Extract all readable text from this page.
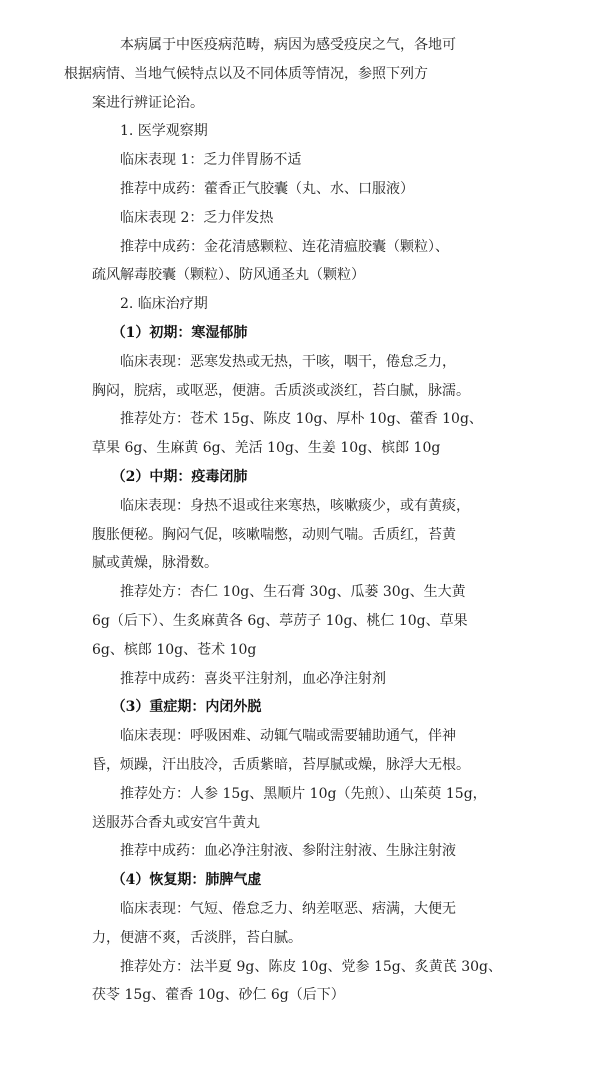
本病属于中医疫病范畴，病因为感受疫戾之气，各地可
根据病情、当地气候特点以及不同体质等情况，参照下列方
案进行辨证论治。

1. 医学观察期

临床表现 1：乏力伴胃肠不适

推荐中成药：藿香正气胶囊（丸、水、口服液）

临床表现 2：乏力伴发热

推荐中成药：金花清感颗粒、连花清瘟胶囊（颗粒）、
疏风解毒胶囊（颗粒）、防风通圣丸（颗粒）

2. 临床治疗期

（1）初期：寒湿郁肺

临床表现：恶寒发热或无热，干咳，咽干，倦怠乏力，
胸闷，脘痞，或呕恶，便溏。舌质淡或淡红，苔白腻，脉濡。

推荐处方：苍术 15g、陈皮 10g、厚朴 10g、藿香 10g、
草果 6g、生麻黄 6g、羌活 10g、生姜 10g、槟郎 10g

（2）中期：疫毒闭肺

临床表现：身热不退或往来寒热，咳嗽痰少，或有黄痰，
腹胀便秘。胸闷气促，咳嗽喘憋，动则气喘。舌质红，苔黄
腻或黄燥，脉滑数。

推荐处方：杏仁 10g、生石膏 30g、瓜蒌 30g、生大黄
6g（后下）、生炙麻黄各 6g、葶苈子 10g、桃仁 10g、草果
6g、槟郎 10g、苍术 10g

推荐中成药：喜炎平注射剂，血必净注射剂

（3）重症期：内闭外脱

临床表现：呼吸困难、动辄气喘或需要辅助通气，伴神
昏，烦躁，汗出肢冷，舌质紫暗，苔厚腻或燥，脉浮大无根。

推荐处方：人参 15g、黑顺片 10g（先煎）、山茱萸 15g，
送服苏合香丸或安宫牛黄丸

推荐中成药：血必净注射液、参附注射液、生脉注射液

（4）恢复期：肺脾气虚

临床表现：气短、倦怠乏力、纳差呕恶、痞满，大便无
力，便溏不爽，舌淡胖，苔白腻。

推荐处方：法半夏 9g、陈皮 10g、党参 15g、炙黄芪 30g、
茯苓 15g、藿香 10g、砂仁 6g（后下）
